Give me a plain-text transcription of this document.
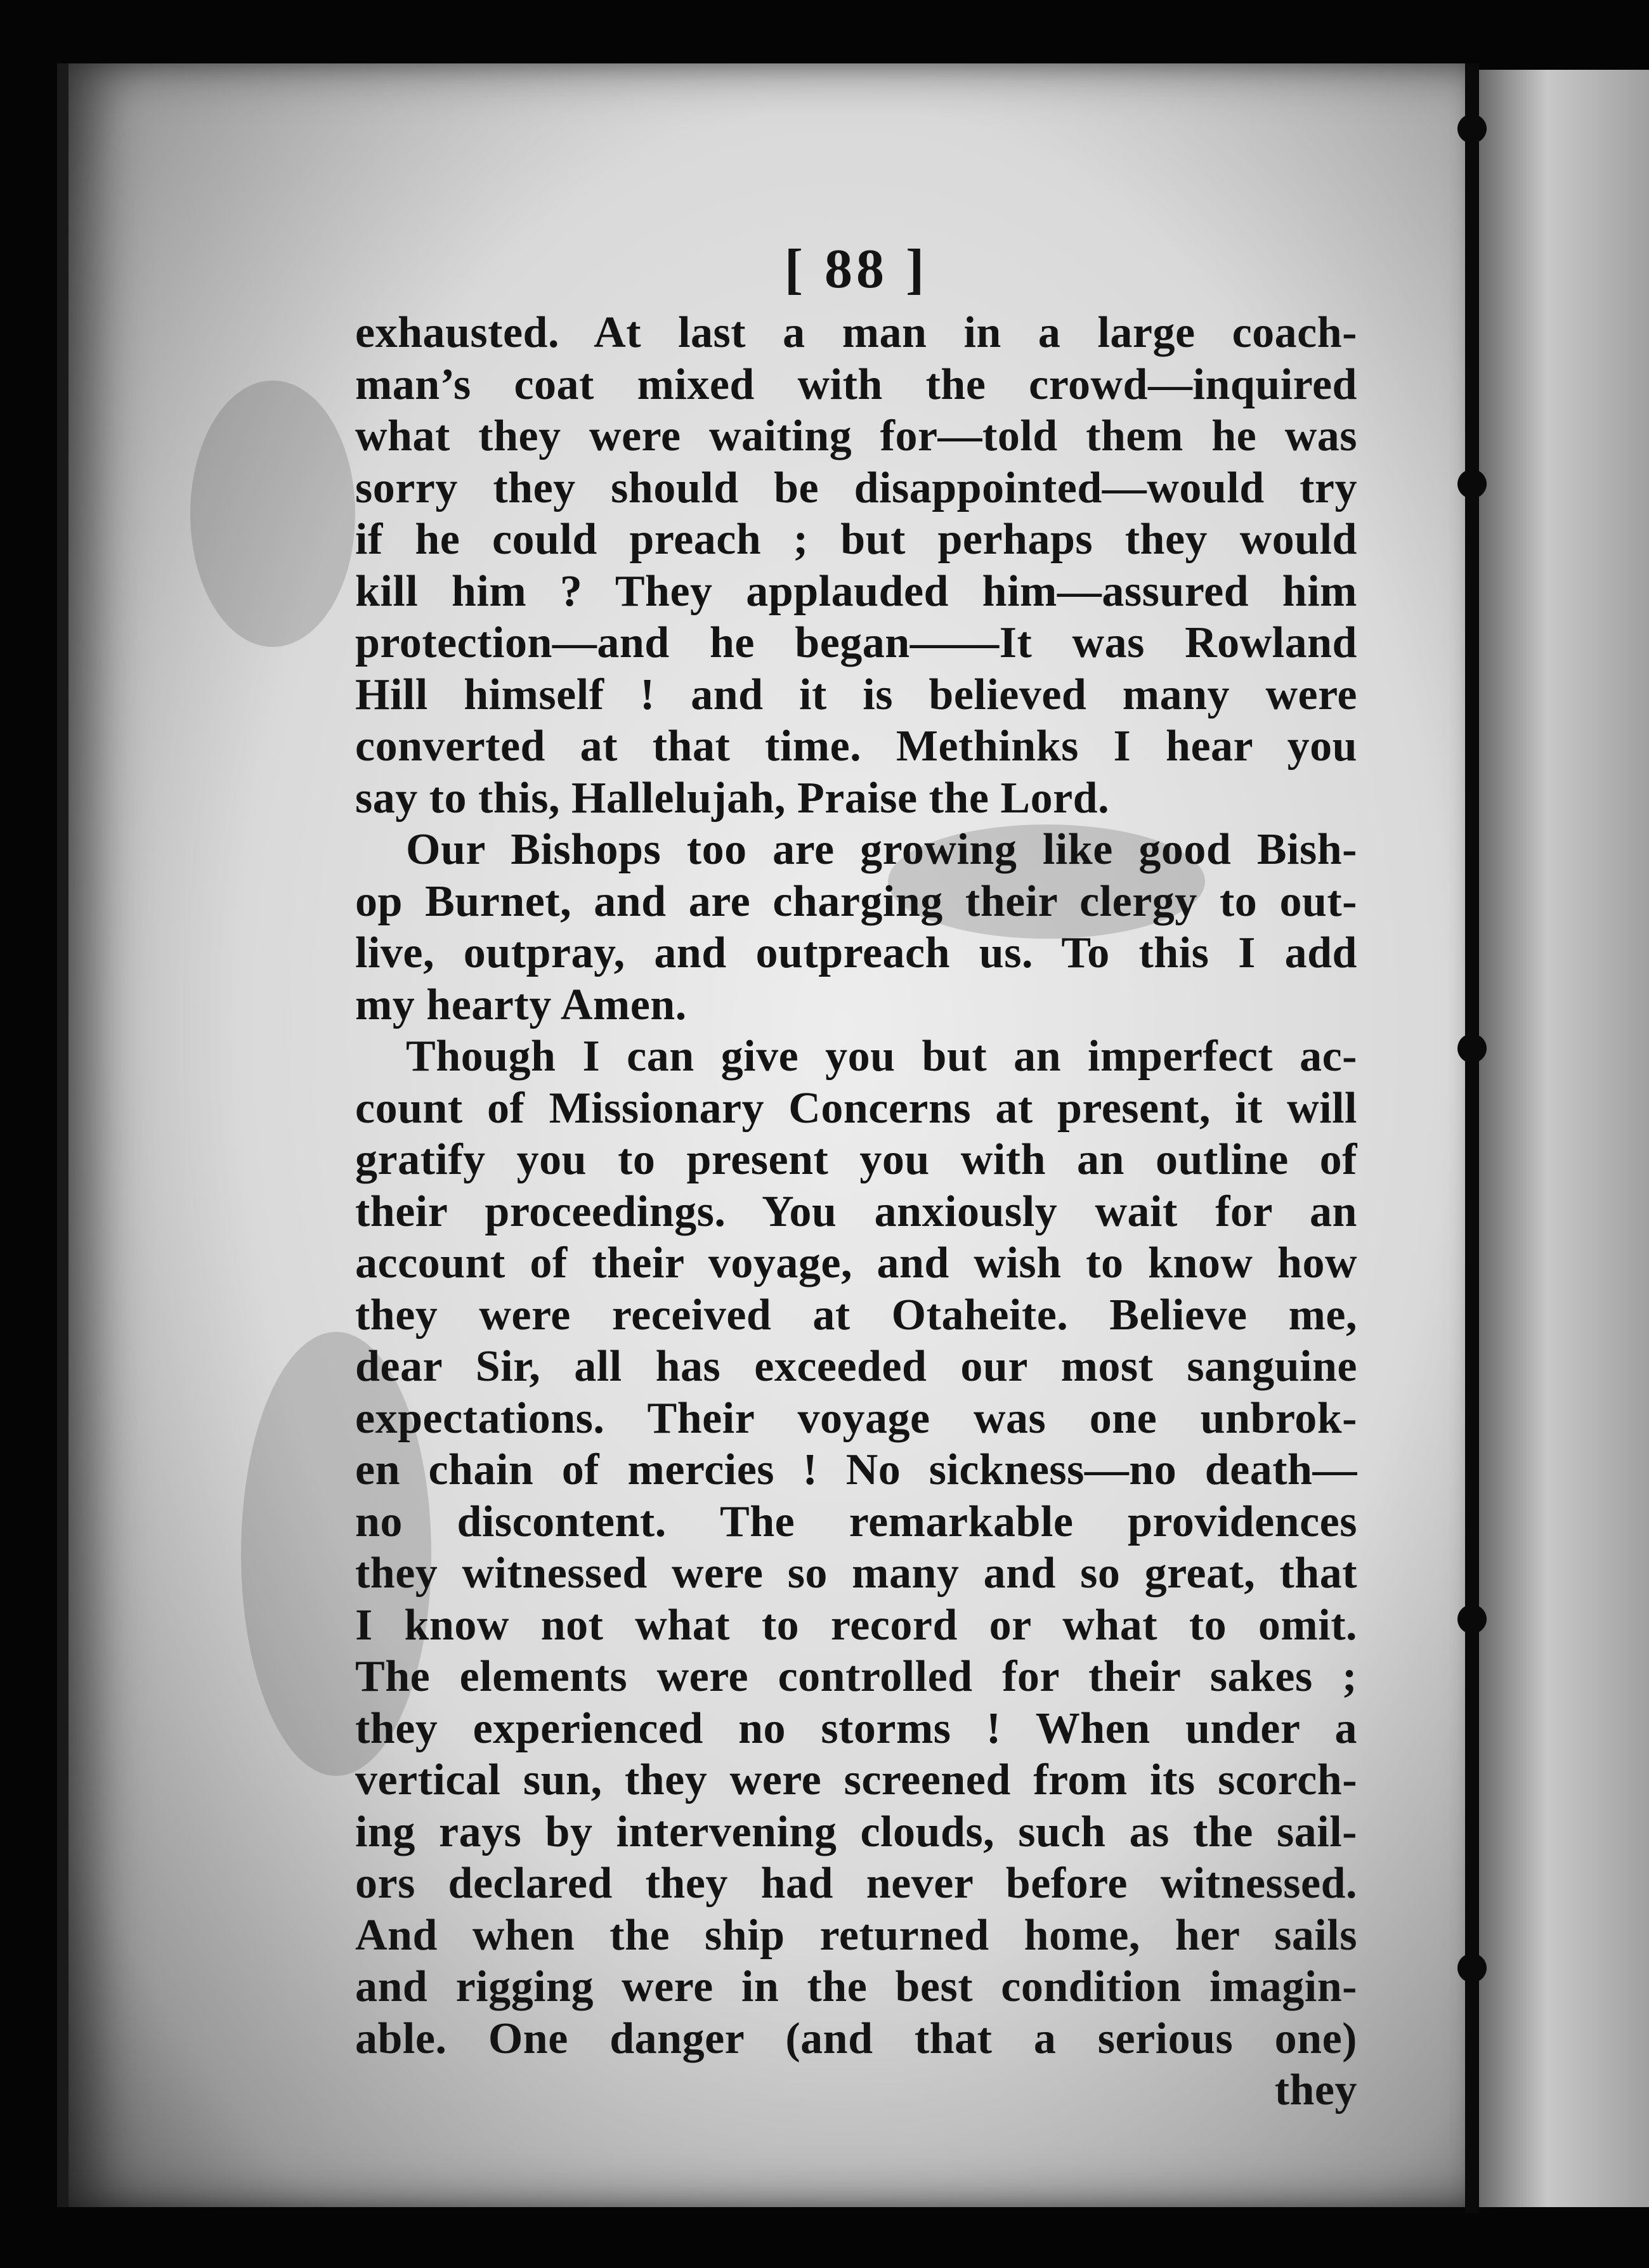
[ 88 ]
exhausted. At last a man in a large coach-
man’s coat mixed with the crowd—inquired
what they were waiting for—told them he was
sorry they should be disappointed—would try
if he could preach ; but perhaps they would
kill him ? They applauded him—assured him
protection—and he began——It was Rowland
Hill himself ! and it is believed many were
converted at that time. Methinks I hear you
say to this, Hallelujah, Praise the Lord.
Our Bishops too are growing like good Bish-
op Burnet, and are charging their clergy to out-
live, outpray, and outpreach us. To this I add
my hearty Amen.
Though I can give you but an imperfect ac-
count of Missionary Concerns at present, it will
gratify you to present you with an outline of
their proceedings. You anxiously wait for an
account of their voyage, and wish to know how
they were received at Otaheite. Believe me,
dear Sir, all has exceeded our most sanguine
expectations. Their voyage was one unbrok-
en chain of mercies ! No sickness—no death—
no discontent. The remarkable providences
they witnessed were so many and so great, that
I know not what to record or what to omit.
The elements were controlled for their sakes ;
they experienced no storms ! When under a
vertical sun, they were screened from its scorch-
ing rays by intervening clouds, such as the sail-
ors declared they had never before witnessed.
And when the ship returned home, her sails
and rigging were in the best condition imagin-
able. One danger (and that a serious one)
they
